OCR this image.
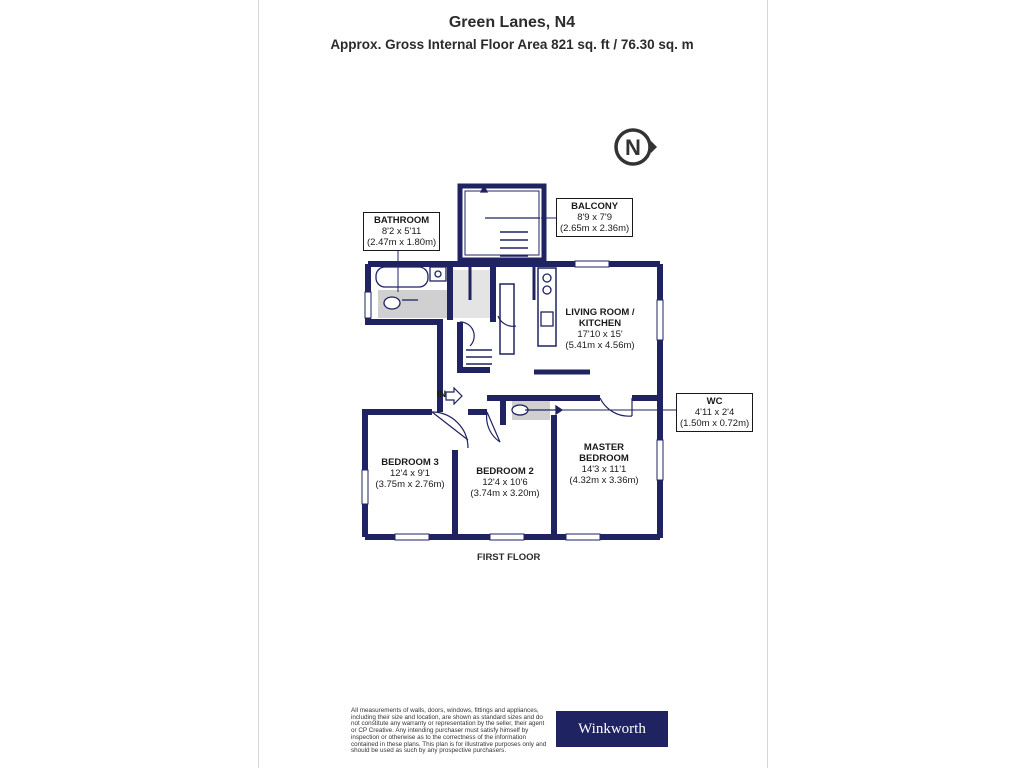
Green Lanes, N4
Approx. Gross Internal Floor Area 821 sq. ft / 76.30 sq. m
N
BATHROOM
8'2 x 5'11
(2.47m x 1.80m)
BALCONY
8'9 x 7'9
(2.65m x 2.36m)
WC
4'11 x 2'4
(1.50m x 0.72m)
LIVING ROOM /
KITCHEN
17'10 x 15'
(5.41m x 4.56m)
MASTER
BEDROOM
14'3 x 11'1
(4.32m x 3.36m)
BEDROOM 2
12'4 x 10'6
(3.74m x 3.20m)
BEDROOM 3
12'4 x 9'1
(3.75m x 2.76m)
IN
FIRST FLOOR
All measurements of walls, doors, windows, fittings and appliances, including their size and location, are shown as standard sizes and do not constitute any warranty or representation by the seller, their agent or CP Creative. Any intending purchaser must satisfy himself by inspection or otherwise as to the correctness of the information contained in these plans. This plan is for illustrative purposes only and should be used as such by any prospective purchasers.
Winkworth
